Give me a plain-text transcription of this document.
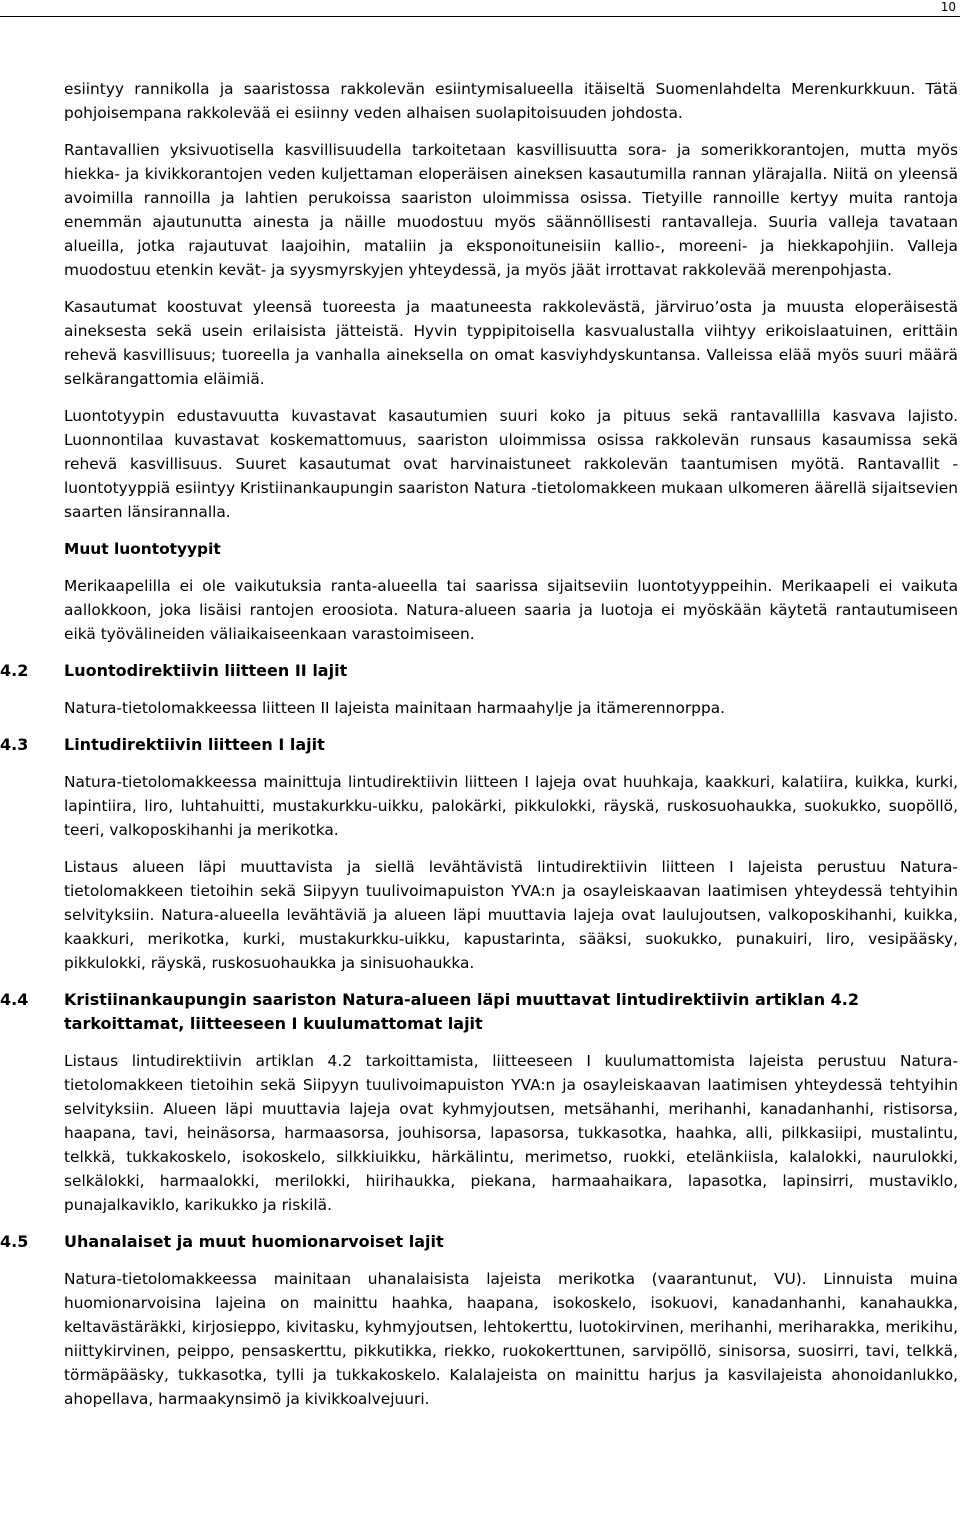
10

esiintyy rannikolla ja saaristossa rakkolevän esiintymisalueella itäiseltä Suomenlahdelta Merenkurkkuun. Tätä pohjoisempana rakkolevää ei esiinny veden alhaisen suolapitoisuuden johdosta.

Rantavallien yksivuotisella kasvillisuudella tarkoitetaan kasvillisuutta sora- ja somerikkorantojen, mutta myös hiekka- ja kivikkorantojen veden kuljettaman eloperäisen aineksen kasautumilla rannan ylärajalla. Niitä on yleensä avoimilla rannoilla ja lahtien perukoissa saariston uloimmissa osissa. Tietyille rannoille kertyy muita rantoja enemmän ajautunutta ainesta ja näille muodostuu myös säännöllisesti rantavalleja. Suuria valleja tavataan alueilla, jotka rajautuvat laajoihin, mataliin ja eksponoituneisiin kallio-, moreeni- ja hiekkapohjiin. Valleja muodostuu etenkin kevät- ja syysmyrskyjen yhteydessä, ja myös jäät irrottavat rakkolevää merenpohjasta.

Kasautumat koostuvat yleensä tuoreesta ja maatuneesta rakkolevästä, järviruo’osta ja muusta eloperäisestä aineksesta sekä usein erilaisista jätteistä. Hyvin typpipitoisella kasvualustalla viihtyy erikoislaatuinen, erittäin rehevä kasvillisuus; tuoreella ja vanhalla aineksella on omat kasviyhdyskuntansa. Valleissa elää myös suuri määrä selkärangattomia eläimiä.

Luontotyypin edustavuutta kuvastavat kasautumien suuri koko ja pituus sekä rantavallilla kasvava lajisto. Luonnontilaa kuvastavat koskemattomuus, saariston uloimmissa osissa rakkolevän runsaus kasaumissa sekä rehevä kasvillisuus. Suuret kasautumat ovat harvinaistuneet rakkolevän taantumisen myötä. Rantavallit -luontotyyppiä esiintyy Kristiinankaupungin saariston Natura -tietolomakkeen mukaan ulkomeren äärellä sijaitsevien saarten länsirannalla.

Muut luontotyypit

Merikaapelilla ei ole vaikutuksia ranta-alueella tai saarissa sijaitseviin luontotyyppeihin. Merikaapeli ei vaikuta aallokkoon, joka lisäisi rantojen eroosiota. Natura-alueen saaria ja luotoja ei myöskään käytetä rantautumiseen eikä työvälineiden väliaikaiseenkaan varastoimiseen.

4.2	Luontodirektiivin liitteen II lajit

Natura-tietolomakkeessa liitteen II lajeista mainitaan harmaahylje ja itämerennorppa.

4.3	Lintudirektiivin liitteen I lajit

Natura-tietolomakkeessa mainittuja lintudirektiivin liitteen I lajeja ovat huuhkaja, kaakkuri, kalatiira, kuikka, kurki, lapintiira, liro, luhtahuitti, mustakurkku-uikku, palokärki, pikkulokki, räyskä, ruskosuohaukka, suokukko, suopöllö, teeri, valkoposkihanhi ja merikotka.

Listaus alueen läpi muuttavista ja siellä levähtävistä lintudirektiivin liitteen I lajeista perustuu Natura-tietolomakkeen tietoihin sekä Siipyyn tuulivoimapuiston YVA:n ja osayleiskaavan laatimisen yhteydessä tehtyihin selvityksiin. Natura-alueella levähtäviä ja alueen läpi muuttavia lajeja ovat laulujoutsen, valkoposkihanhi, kuikka, kaakkuri, merikotka, kurki, mustakurkku-uikku, kapustarinta, sääksi, suokukko, punakuiri, liro, vesipääsky, pikkulokki, räyskä, ruskosuohaukka ja sinisuohaukka.

4.4	Kristiinankaupungin saariston Natura-alueen läpi muuttavat lintudirektiivin artiklan 4.2 tarkoittamat, liitteeseen I kuulumattomat lajit

Listaus lintudirektiivin artiklan 4.2 tarkoittamista, liitteeseen I kuulumattomista lajeista perustuu Natura-tietolomakkeen tietoihin sekä Siipyyn tuulivoimapuiston YVA:n ja osayleiskaavan laatimisen yhteydessä tehtyihin selvityksiin. Alueen läpi muuttavia lajeja ovat kyhmyjoutsen, metsähanhi, merihanhi, kanadanhanhi, ristisorsa, haapana, tavi, heinäsorsa, harmaasorsa, jouhisorsa, lapasorsa, tukkasotka, haahka, alli, pilkkasiipi, mustalintu, telkkä, tukkakoskelo, isokoskelo, silkkiuikku, härkälintu, merimetso, ruokki, etelänkiisla, kalalokki, naurulokki, selkälokki, harmaalokki, merilokki, hiirihaukka, piekana, harmaahaikara, lapasotka, lapinsirri, mustaviklo, punajalkaviklo, karikukko ja riskilä.

4.5	Uhanalaiset ja muut huomionarvoiset lajit

Natura-tietolomakkeessa mainitaan uhanalaisista lajeista merikotka (vaarantunut, VU). Linnuista muina huomionarvoisina lajeina on mainittu haahka, haapana, isokoskelo, isokuovi, kanadanhanhi, kanahaukka, keltavästäräkki, kirjosieppo, kivitasku, kyhmyjoutsen, lehtokerttu, luotokirvinen, merihanhi, meriharakka, merikihu, niittykirvinen, peippo, pensaskerttu, pikkutikka, riekko, ruokokerttunen, sarvipöllö, sinisorsa, suosirri, tavi, telkkä, törmäpääsky, tukkasotka, tylli ja tukkakoskelo. Kalalajeista on mainittu harjus ja kasvilajeista ahonoidanlukko, ahopellava, harmaakynsimö ja kivikkoalvejuuri.
